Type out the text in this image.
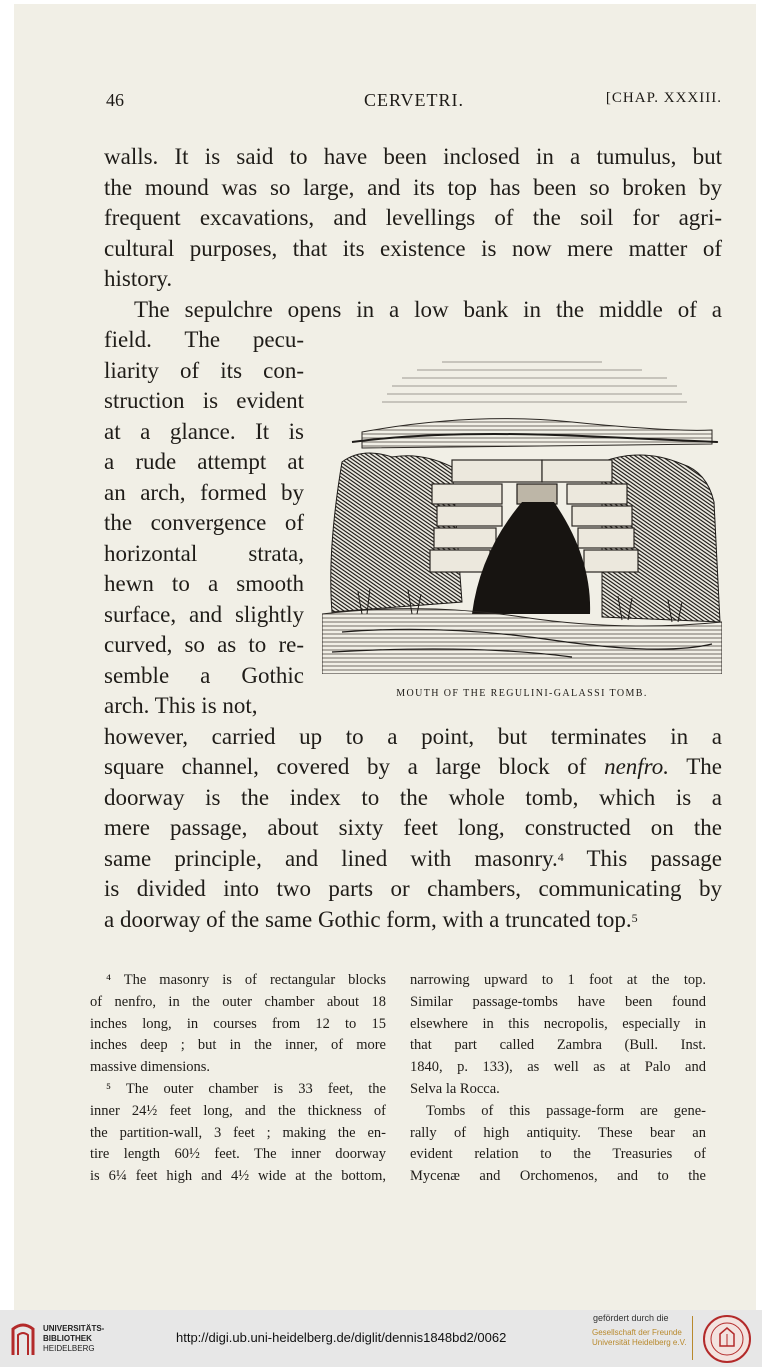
46	CERVETRI.	[CHAP. XXXIII.
walls. It is said to have been inclosed in a tumulus, but
the mound was so large, and its top has been so broken by
frequent excavations, and levellings of the soil for agri-
cultural purposes, that its existence is now mere matter of
history.
The sepulchre opens in a low bank in the middle of a
field. The pecu-
liarity of its con-
struction is evident
at a glance. It is
a rude attempt at
an arch, formed by
the convergence of
horizontal strata,
hewn to a smooth
surface, and slightly
curved, so as to re-
semble a Gothic
arch. This is not,
however, carried up to a point, but terminates in a
square channel, covered by a large block of nenfro. The
doorway is the index to the whole tomb, which is a
mere passage, about sixty feet long, constructed on the
same principle, and lined with masonry.$^4$ This passage
is divided into two parts or chambers, communicating by
a doorway of the same Gothic form, with a truncated top.$^5$
MOUTH OF THE REGULINI-GALASSI TOMB.
⁴ The masonry is of rectangular blocks
of nenfro, in the outer chamber about 18
inches long, in courses from 12 to 15
inches deep ; but in the inner, of more
massive dimensions.
⁵ The outer chamber is 33 feet, the
inner 24½ feet long, and the thickness of
the partition-wall, 3 feet ; making the en-
tire length 60½ feet. The inner doorway
is 6¼ feet high and 4½ wide at the bottom,
narrowing upward to 1 foot at the top.
Similar passage-tombs have been found
elsewhere in this necropolis, especially in
that part called Zambra (Bull. Inst.
1840, p. 133), as well as at Palo and
Selva la Rocca.
Tombs of this passage-form are gene-
rally of high antiquity. These bear an
evident relation to the Treasuries of
Mycenæ and Orchomenos, and to the
UNIVERSITÄTS-
BIBLIOTHEK
HEIDELBERG
http://digi.ub.uni-heidelberg.de/diglit/dennis1848bd2/0062
gefördert durch die
Gesellschaft der Freunde
Universität Heidelberg e.V.
